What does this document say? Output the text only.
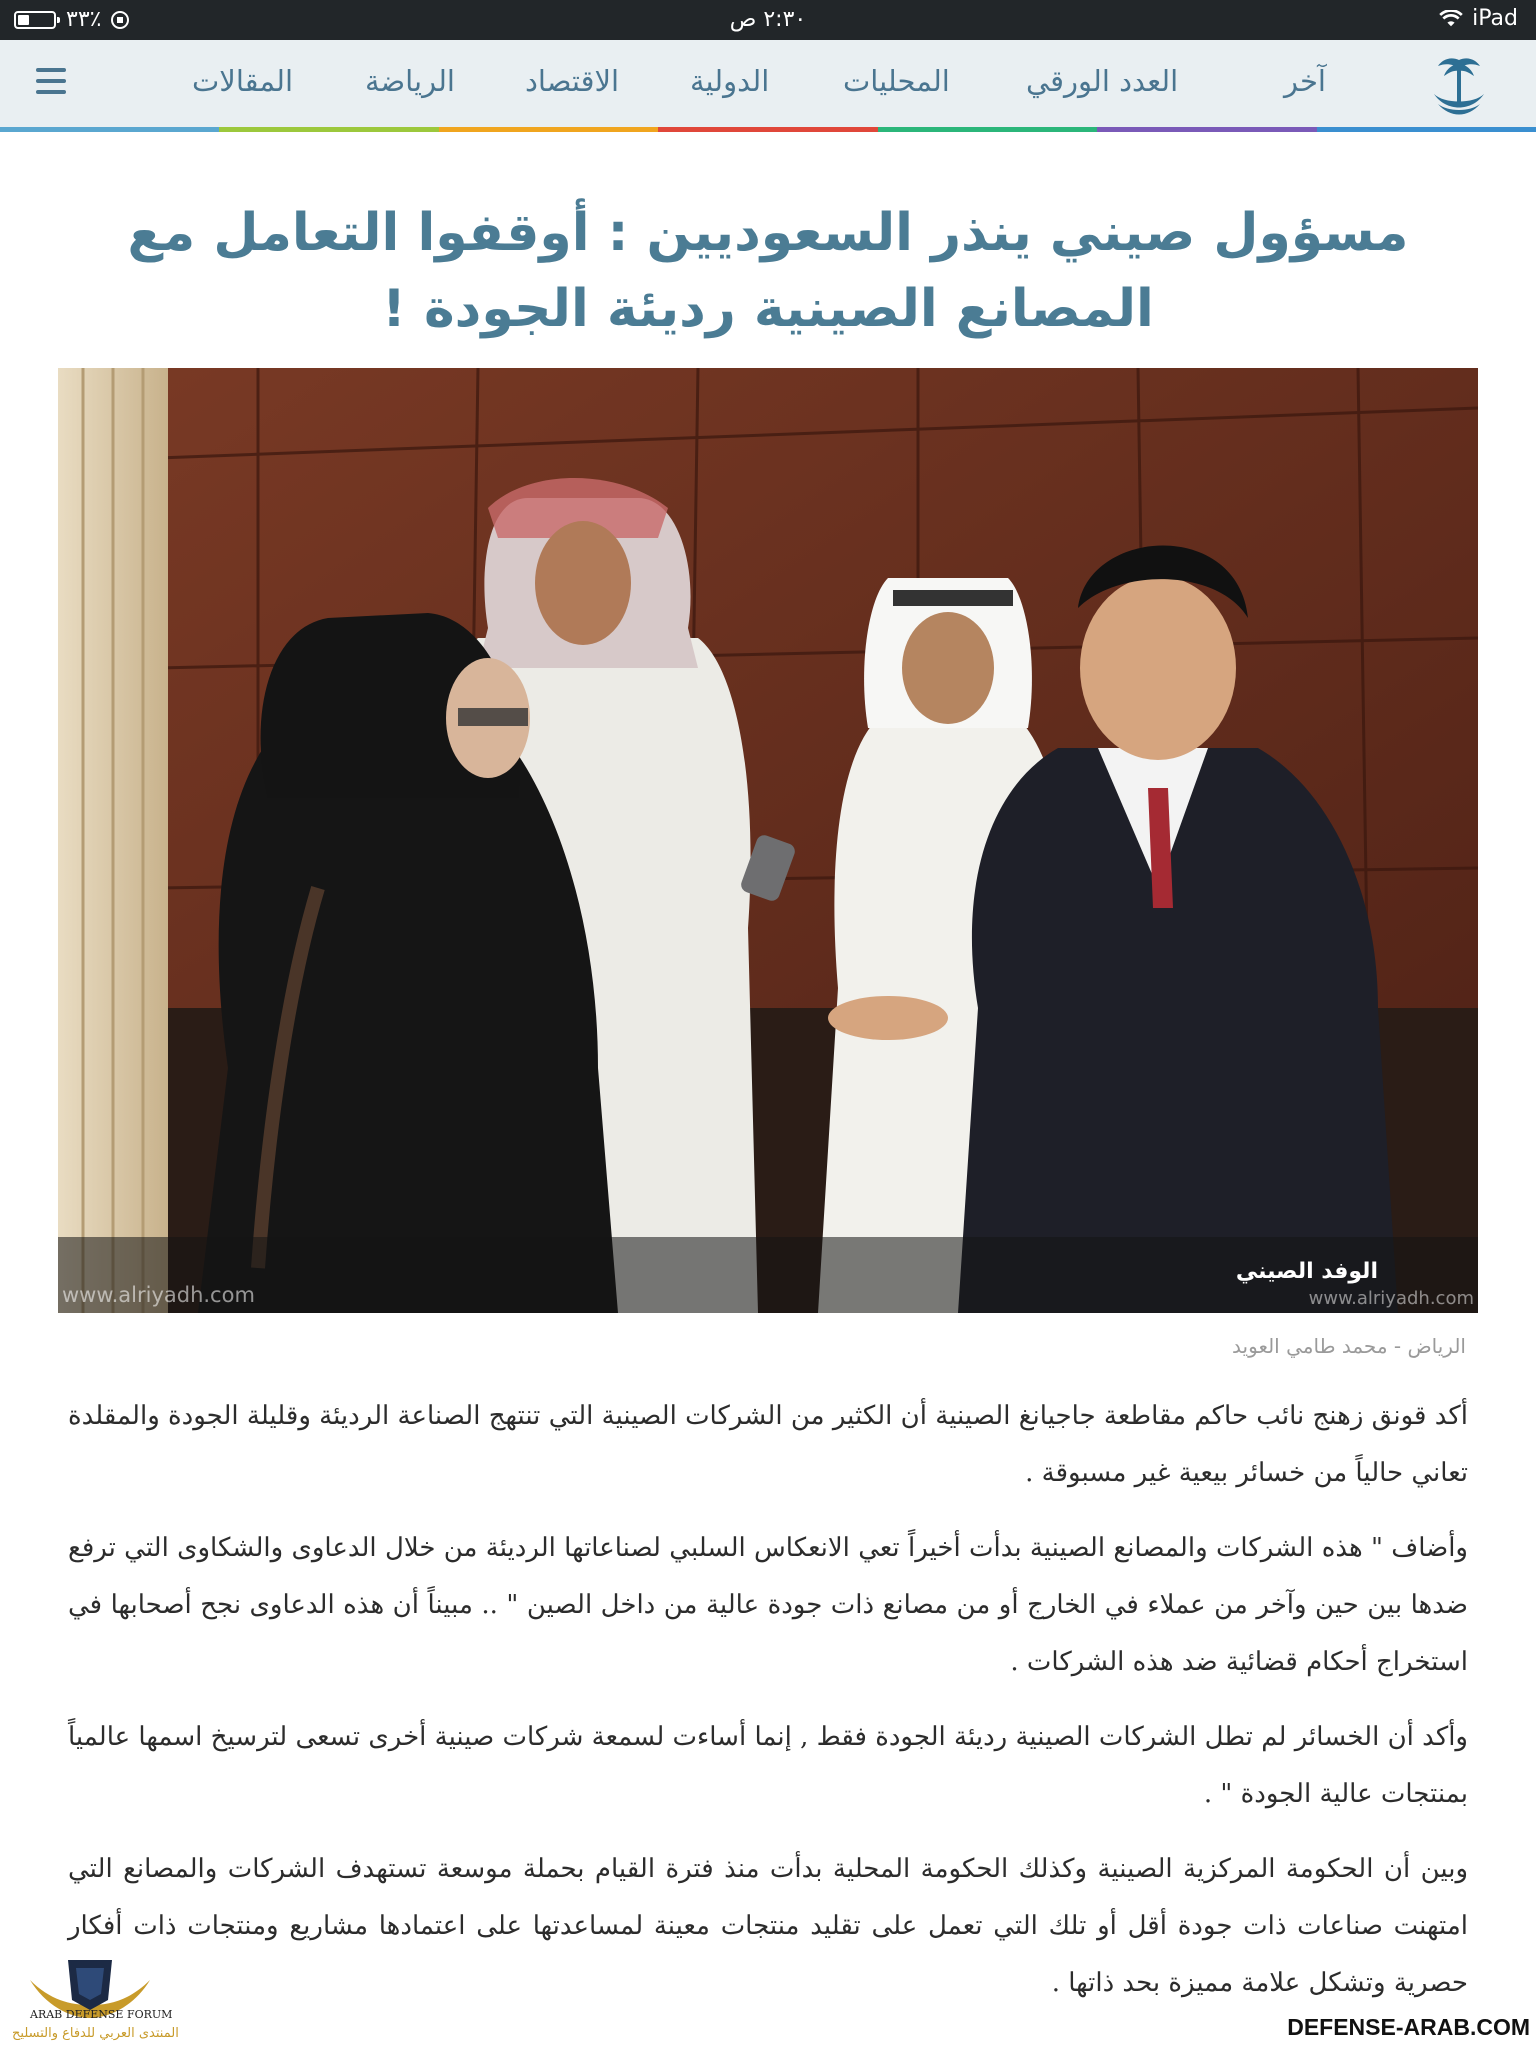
٣٣٪	٢:٣٠ ص	iPad
المقالات الرياضة الاقتصاد الدولية	المحليات	العدد الورقي	آخر
مسؤول صيني ينذر السعوديين : أوقفوا التعامل مع المصانع الصينية رديئة الجودة !
الوفد الصيني
www.alriyadh.com	www.alriyadh.com
الرياض - محمد طامي العويد

أكد قونق زهنج نائب حاكم مقاطعة جاجيانغ الصينية أن الكثير من الشركات الصينية التي تنتهج الصناعة الرديئة وقليلة الجودة والمقلدة تعاني حالياً من خسائر بيعية غير مسبوقة .

وأضاف " هذه الشركات والمصانع الصينية بدأت أخيراً تعي الانعكاس السلبي لصناعاتها الرديئة من خلال الدعاوى والشكاوى التي ترفع ضدها بين حين وآخر من عملاء في الخارج أو من مصانع ذات جودة عالية من داخل الصين " .. مبيناً أن هذه الدعاوى نجح أصحابها في استخراج أحكام قضائية ضد هذه الشركات .

وأكد أن الخسائر لم تطل الشركات الصينية رديئة الجودة فقط , إنما أساءت لسمعة شركات صينية أخرى تسعى لترسيخ اسمها عالمياً بمنتجات عالية الجودة " .

وبين أن الحكومة المركزية الصينية وكذلك الحكومة المحلية بدأت منذ فترة القيام بحملة موسعة تستهدف الشركات والمصانع التي امتهنت صناعات ذات جودة أقل أو تلك التي تعمل على تقليد منتجات معينة لمساعدتها على اعتمادها مشاريع ومنتجات ذات أفكار حصرية وتشكل علامة مميزة بحد ذاتها .

ARAB DEFENSE FORUM
المنتدى العربي للدفاع والتسليح	DEFENSE-ARAB.COM
